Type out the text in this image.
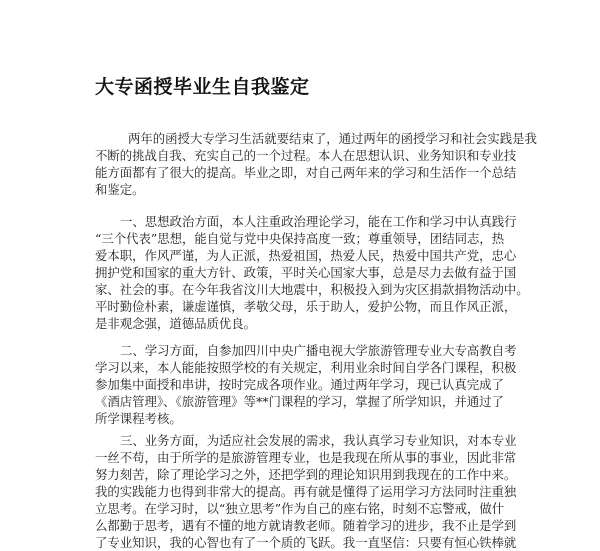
大专函授毕业生自我鉴定
两年的函授大专学习生活就要结束了，通过两年的函授学习和社会实践是我
不断的挑战自我、充实自己的一个过程。本人在思想认识、业务知识和专业技
能方面都有了很大的提高。毕业之即，对自己两年来的学习和生活作一个总结
和鉴定。
一、思想政治方面，本人注重政治理论学习，能在工作和学习中认真践行
“三个代表”思想，能自觉与党中央保持高度一致；尊重领导，团结同志，热
爱本职，作风严谨，为人正派，热爱祖国，热爱人民，热爱中国共产党，忠心
拥护党和国家的重大方针、政策，平时关心国家大事，总是尽力去做有益于国
家、社会的事。在今年我省汶川大地震中，积极投入到为灾区捐款捐物活动中。
平时勤俭朴素，谦虚谨慎，孝敬父母，乐于助人，爱护公物，而且作风正派，
是非观念强，道德品质优良。
二、学习方面，自参加四川中央广播电视大学旅游管理专业大专高教自考
学习以来，本人能能按照学校的有关规定，利用业余时间自学各门课程，积极
参加集中面授和串讲，按时完成各项作业。通过两年学习，现已认真完成了
《酒店管理》、《旅游管理》等**门课程的学习，掌握了所学知识，并通过了
所学课程考核。
三、业务方面，为适应社会发展的需求，我认真学习专业知识，对本专业
一丝不苟，由于所学的是旅游管理专业，也是我现在所从事的事业，因此非常
努力刻苦，除了理论学习之外，还把学到的理论知识用到我现在的工作中来。
我的实践能力也得到非常大的提高。再有就是懂得了运用学习方法同时注重独
立思考。在学习时，以“独立思考”作为自己的座右铭，时刻不忘警戒，做什
么都勤于思考，遇有不懂的地方就请教老师。随着学习的进步，我不止是学到
了专业知识，我的心智也有了一个质的飞跃。我一直坚信：只要有恒心铁棒就
